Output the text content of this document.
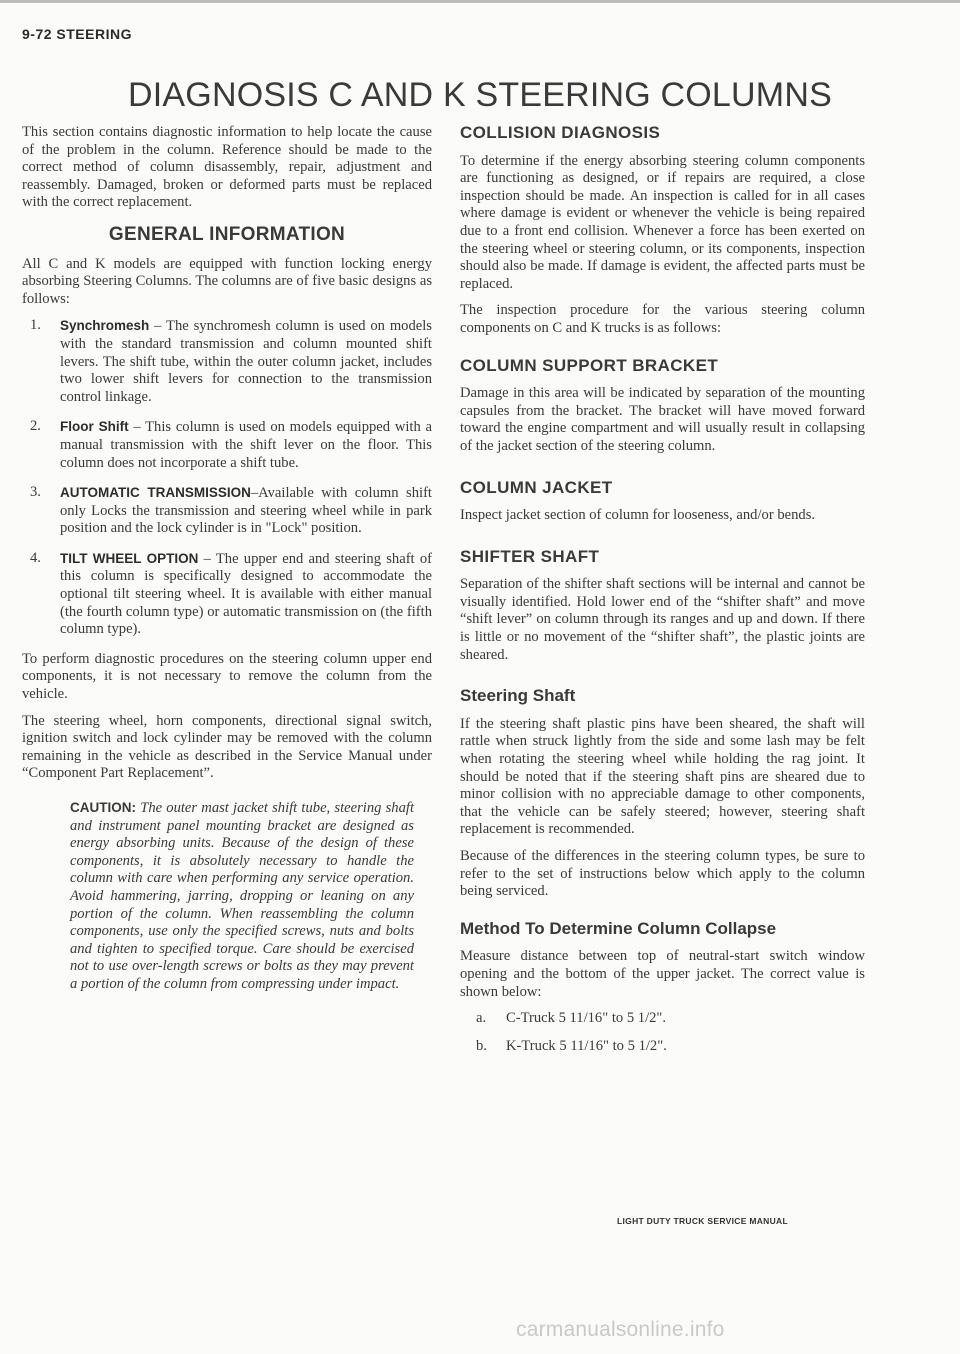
9-72 STEERING
DIAGNOSIS C AND K STEERING COLUMNS

This section contains diagnostic information to help locate the cause of the problem in the column. Reference should be made to the correct method of column disassembly, repair, adjustment and reassembly. Damaged, broken or deformed parts must be replaced with the correct replacement.

GENERAL INFORMATION

All C and K models are equipped with function locking energy absorbing Steering Columns. The columns are of five basic designs as follows:

1.	Synchromesh – The synchromesh column is used on models with the standard transmission and column mounted shift levers. The shift tube, within the outer column jacket, includes two lower shift levers for connection to the transmission control linkage.
2.	Floor Shift – This column is used on models equipped with a manual transmission with the shift lever on the floor. This column does not incorporate a shift tube.
3.	AUTOMATIC TRANSMISSION–Available with column shift only Locks the transmission and steering wheel while in park position and the lock cylinder is in "Lock" position.
4.	TILT WHEEL OPTION – The upper end and steering shaft of this column is specifically designed to accommodate the optional tilt steering wheel. It is available with either manual (the fourth column type) or automatic transmission on (the fifth column type).

To perform diagnostic procedures on the steering column upper end components, it is not necessary to remove the column from the vehicle.

The steering wheel, horn components, directional signal switch, ignition switch and lock cylinder may be removed with the column remaining in the vehicle as described in the Service Manual under “Component Part Replacement”.

CAUTION: The outer mast jacket shift tube, steering shaft and instrument panel mounting bracket are designed as energy absorbing units. Because of the design of these components, it is absolutely necessary to handle the column with care when performing any service operation. Avoid hammering, jarring, dropping or leaning on any portion of the column. When reassembling the column components, use only the specified screws, nuts and bolts and tighten to specified torque. Care should be exercised not to use over-length screws or bolts as they may prevent a portion of the column from compressing under impact.
COLLISION DIAGNOSIS

To determine if the energy absorbing steering column components are functioning as designed, or if repairs are required, a close inspection should be made. An inspection is called for in all cases where damage is evident or whenever the vehicle is being repaired due to a front end collision. Whenever a force has been exerted on the steering wheel or steering column, or its components, inspection should also be made. If damage is evident, the affected parts must be replaced.

The inspection procedure for the various steering column components on C and K trucks is as follows:

COLUMN SUPPORT BRACKET

Damage in this area will be indicated by separation of the mounting capsules from the bracket. The bracket will have moved forward toward the engine compartment and will usually result in collapsing of the jacket section of the steering column.

COLUMN JACKET

Inspect jacket section of column for looseness, and/or bends.

SHIFTER SHAFT

Separation of the shifter shaft sections will be internal and cannot be visually identified. Hold lower end of the “shifter shaft” and move “shift lever” on column through its ranges and up and down. If there is little or no movement of the “shifter shaft”, the plastic joints are sheared.

Steering Shaft

If the steering shaft plastic pins have been sheared, the shaft will rattle when struck lightly from the side and some lash may be felt when rotating the steering wheel while holding the rag joint. It should be noted that if the steering shaft pins are sheared due to minor collision with no appreciable damage to other components, that the vehicle can be safely steered; however, steering shaft replacement is recommended.

Because of the differences in the steering column types, be sure to refer to the set of instructions below which apply to the column being serviced.

Method To Determine Column Collapse

Measure distance between top of neutral-start switch window opening and the bottom of the upper jacket. The correct value is shown below:

a.	C-Truck 5 11/16" to 5 1/2".
b.	K-Truck 5 11/16" to 5 1/2".
LIGHT DUTY TRUCK SERVICE MANUAL
carmanualsonline.info
